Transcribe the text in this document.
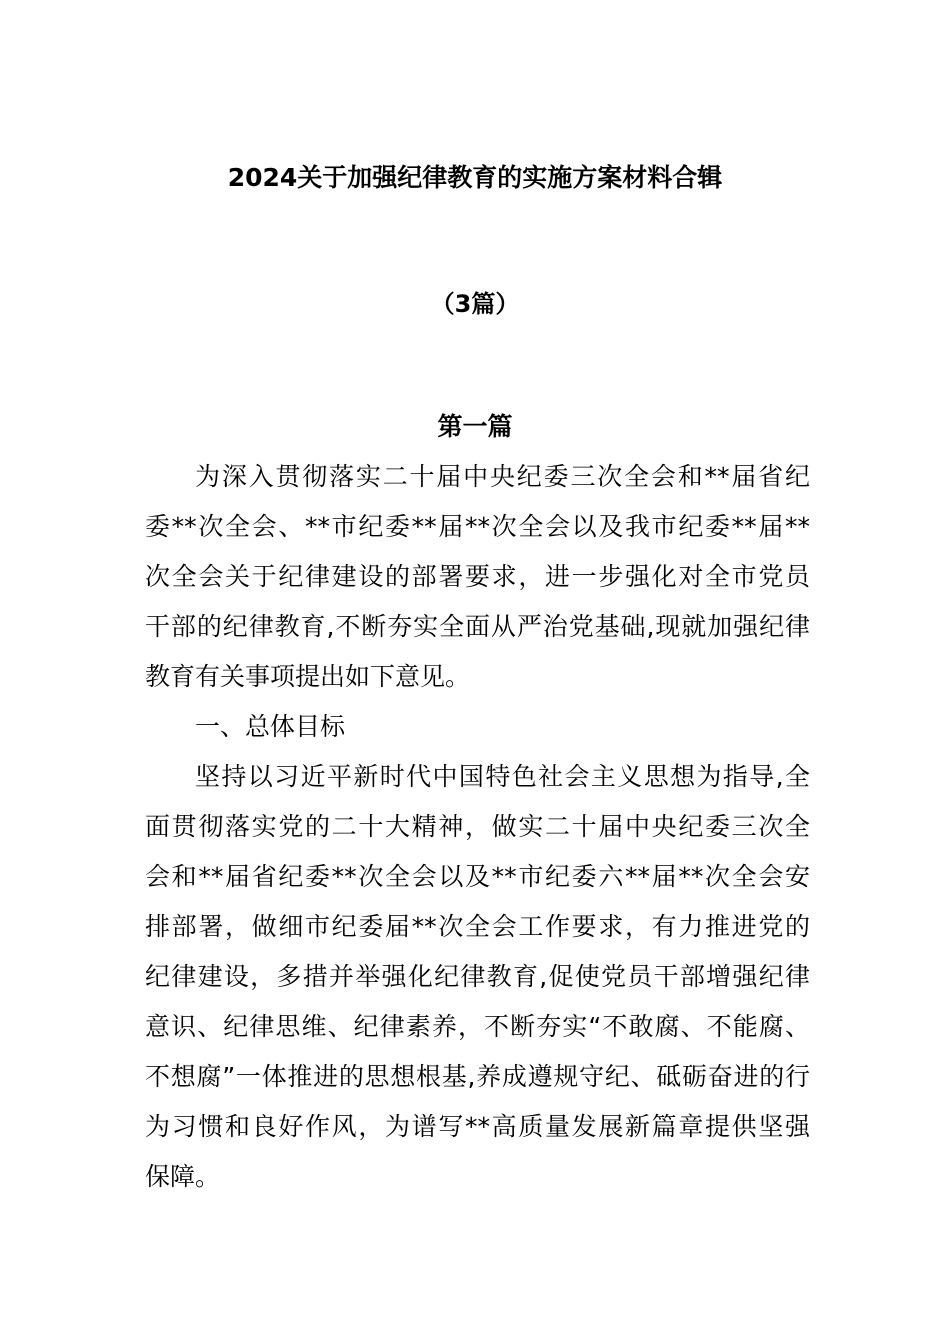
2024关于加强纪律教育的实施方案材料合辑
（3篇）
第一篇
为深入贯彻落实二十届中央纪委三次全会和**届省纪
委**次全会、**市纪委**届**次全会以及我市纪委**届**
次全会关于纪律建设的部署要求，进一步强化对全市党员
干部的纪律教育,不断夯实全面从严治党基础,现就加强纪律
教育有关事项提出如下意见。
一、总体目标
坚持以习近平新时代中国特色社会主义思想为指导,全
面贯彻落实党的二十大精神，做实二十届中央纪委三次全
会和**届省纪委**次全会以及**市纪委六**届**次全会安
排部署，做细市纪委届**次全会工作要求，有力推进党的
纪律建设，多措并举强化纪律教育,促使党员干部增强纪律
意识、纪律思维、纪律素养，不断夯实“不敢腐、不能腐、
不想腐”一体推进的思想根基,养成遵规守纪、砥砺奋进的行
为习惯和良好作风，为谱写**高质量发展新篇章提供坚强
保障。
